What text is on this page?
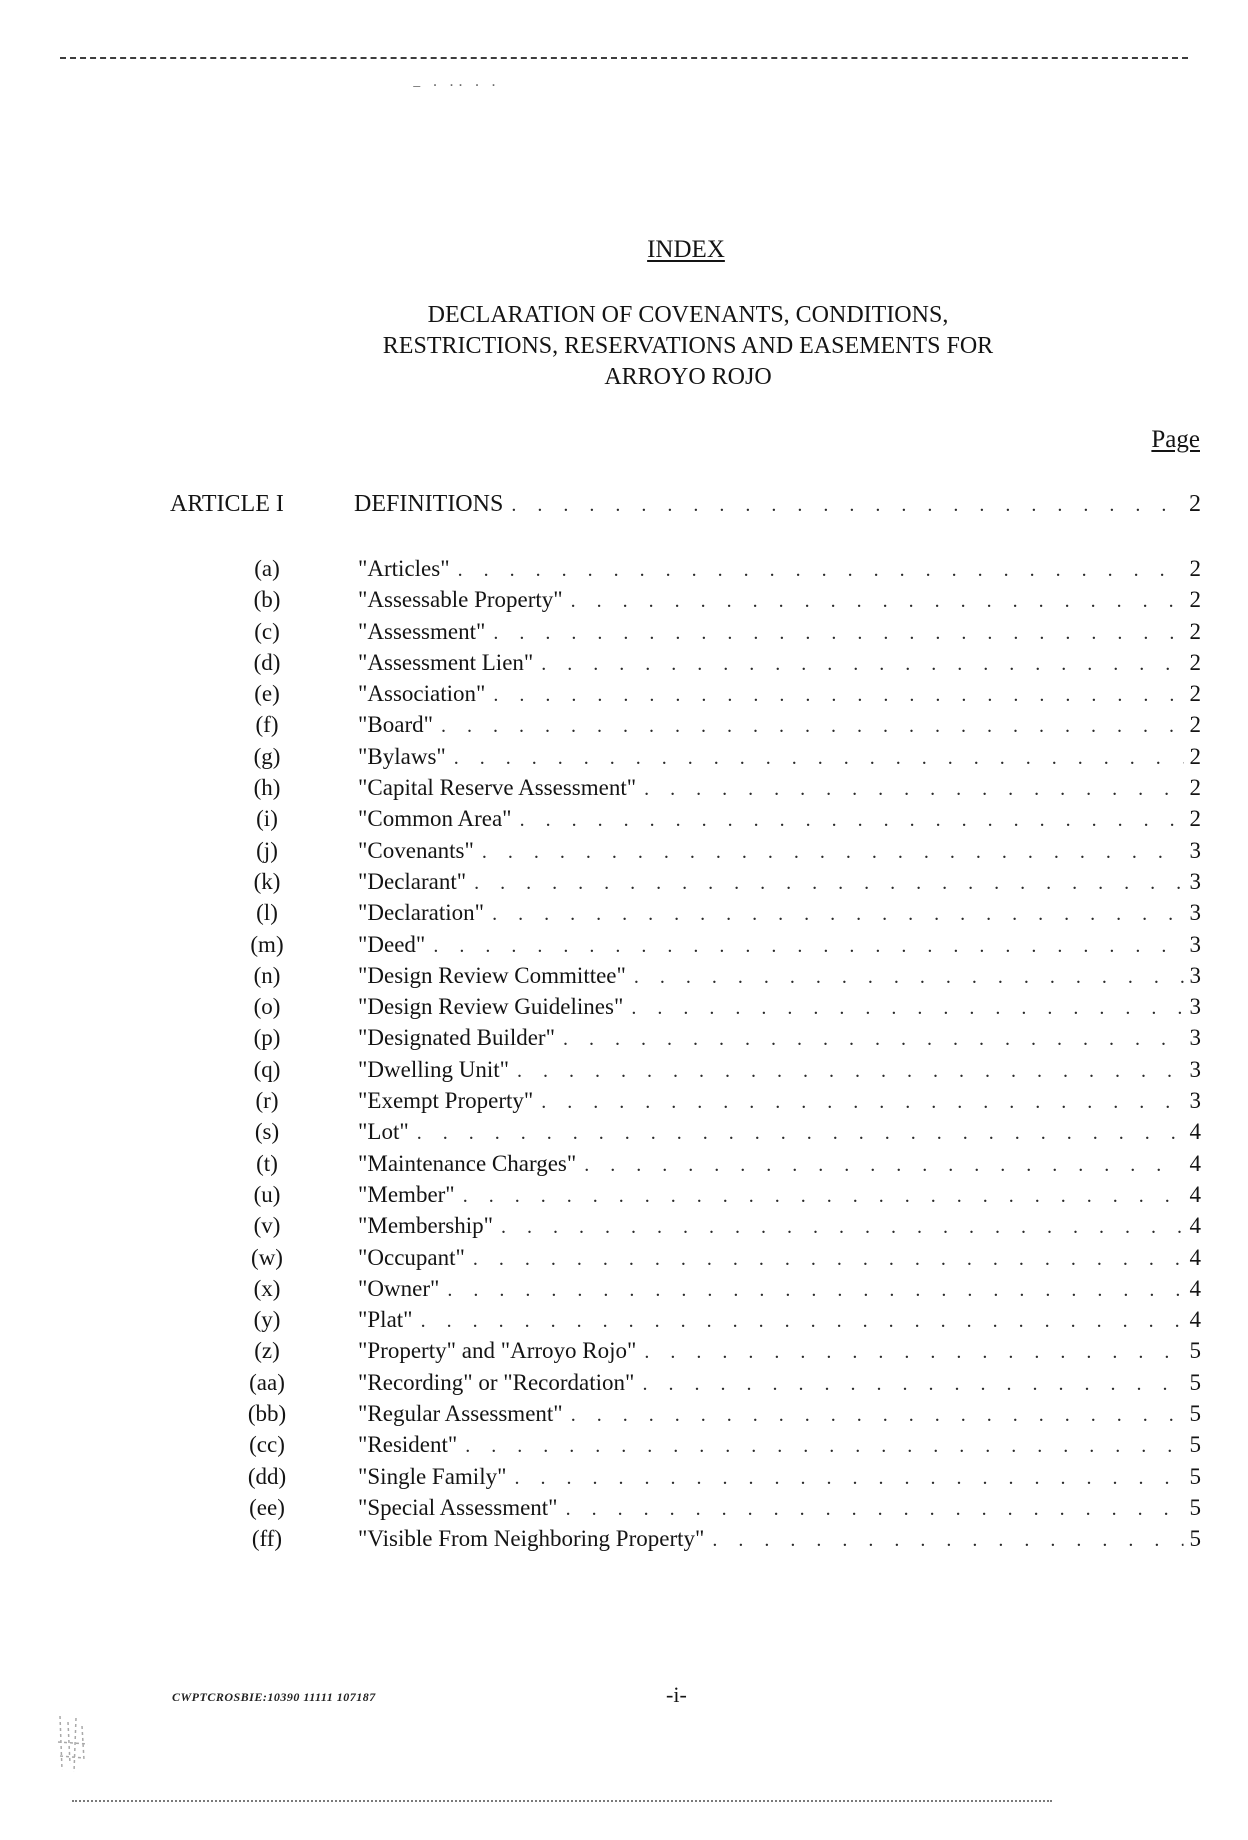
⁻ ˙ ˙˙ ˙ ˙
INDEX
DECLARATION OF COVENANTS, CONDITIONS,
RESTRICTIONS, RESERVATIONS AND EASEMENTS FOR
ARROYO ROJO
Page
ARTICLE I	DEFINITIONS . . .	2
(a)	"Articles" . . .	2
(b)	"Assessable Property" . . .	2
(c)	"Assessment" . . .	2
(d)	"Assessment Lien" . . .	2
(e)	"Association" . . .	2
(f)	"Board" . . .	2
(g)	"Bylaws" . . .	2
(h)	"Capital Reserve Assessment" . . .	2
(i)	"Common Area" . . .	2
(j)	"Covenants" . . .	3
(k)	"Declarant" . . .	3
(l)	"Declaration" . . .	3
(m)	"Deed" . . .	3
(n)	"Design Review Committee" . . .	3
(o)	"Design Review Guidelines" . . .	3
(p)	"Designated Builder" . . .	3
(q)	"Dwelling Unit" . . .	3
(r)	"Exempt Property" . . .	3
(s)	"Lot" . . .	4
(t)	"Maintenance Charges" . . .	4
(u)	"Member" . . .	4
(v)	"Membership" . . .	4
(w)	"Occupant" . . .	4
(x)	"Owner" . . .	4
(y)	"Plat" . . .	4
(z)	"Property" and "Arroyo Rojo" . . .	5
(aa)	"Recording" or "Recordation" . . .	5
(bb)	"Regular Assessment" . . .	5
(cc)	"Resident" . . .	5
(dd)	"Single Family" . . .	5
(ee)	"Special Assessment" . . .	5
(ff)	"Visible From Neighboring Property" . . .	5
CWPTCROSBIE:10390 11111 107187	-i-
